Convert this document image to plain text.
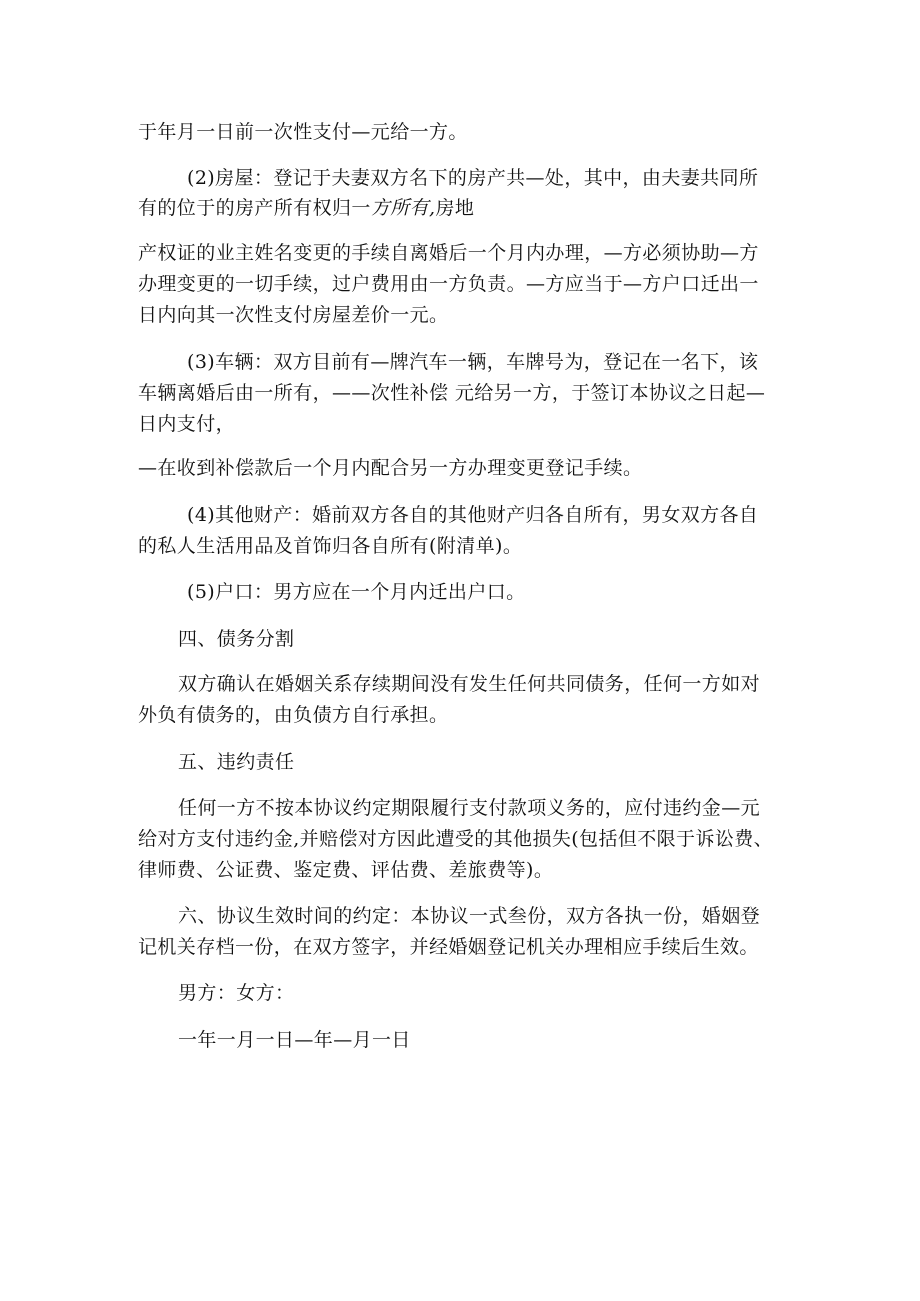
于年月一日前一次性支付—元给一方。
(2)房屋：登记于夫妻双方名下的房产共—处，其中，由夫妻共同所
有的位于的房产所有权归一方所有,房地
产权证的业主姓名变更的手续自离婚后一个月内办理，—方必须协助—方
办理变更的一切手续，过户费用由一方负责。—方应当于—方户口迁出一
日内向其一次性支付房屋差价一元。
(3)车辆：双方目前有—牌汽车一辆，车牌号为，登记在一名下，该
车辆离婚后由一所有，——次性补偿 元给另一方，于签订本协议之日起—
日内支付，
—在收到补偿款后一个月内配合另一方办理变更登记手续。
(4)其他财产：婚前双方各自的其他财产归各自所有，男女双方各自
的私人生活用品及首饰归各自所有(附清单)。
(5)户口：男方应在一个月内迁出户口。
四、债务分割
双方确认在婚姻关系存续期间没有发生任何共同债务，任何一方如对
外负有债务的，由负债方自行承担。
五、违约责任
任何一方不按本协议约定期限履行支付款项义务的，应付违约金—元
给对方支付违约金,并赔偿对方因此遭受的其他损失(包括但不限于诉讼费、
律师费、公证费、鉴定费、评估费、差旅费等)。
六、协议生效时间的约定：本协议一式叁份，双方各执一份，婚姻登
记机关存档一份，在双方签字，并经婚姻登记机关办理相应手续后生效。
男方：女方：
一年一月一日—年—月一日
